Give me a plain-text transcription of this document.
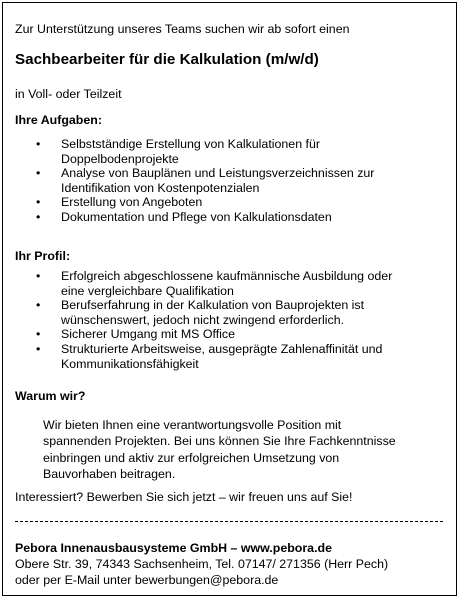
Zur Unterstützung unseres Teams suchen wir ab sofort einen
Sachbearbeiter für die Kalkulation (m/w/d)
in Voll- oder Teilzeit
Ihre Aufgaben:
• Selbstständige Erstellung von Kalkulationen für
Doppelbodenprojekte
• Analyse von Bauplänen und Leistungsverzeichnissen zur
Identifikation von Kostenpotenzialen
• Erstellung von Angeboten
• Dokumentation und Pflege von Kalkulationsdaten
Ihr Profil:
• Erfolgreich abgeschlossene kaufmännische Ausbildung oder
eine vergleichbare Qualifikation
• Berufserfahrung in der Kalkulation von Bauprojekten ist
wünschenswert, jedoch nicht zwingend erforderlich.
• Sicherer Umgang mit MS Office
• Strukturierte Arbeitsweise, ausgeprägte Zahlenaffinität und
Kommunikationsfähigkeit
Warum wir?
Wir bieten Ihnen eine verantwortungsvolle Position mit
spannenden Projekten. Bei uns können Sie Ihre Fachkenntnisse
einbringen und aktiv zur erfolgreichen Umsetzung von
Bauvorhaben beitragen.
Interessiert? Bewerben Sie sich jetzt – wir freuen uns auf Sie!
Pebora Innenausbausysteme GmbH – www.pebora.de
Obere Str. 39, 74343 Sachsenheim, Tel. 07147/ 271356 (Herr Pech)
oder per E-Mail unter bewerbungen@pebora.de
